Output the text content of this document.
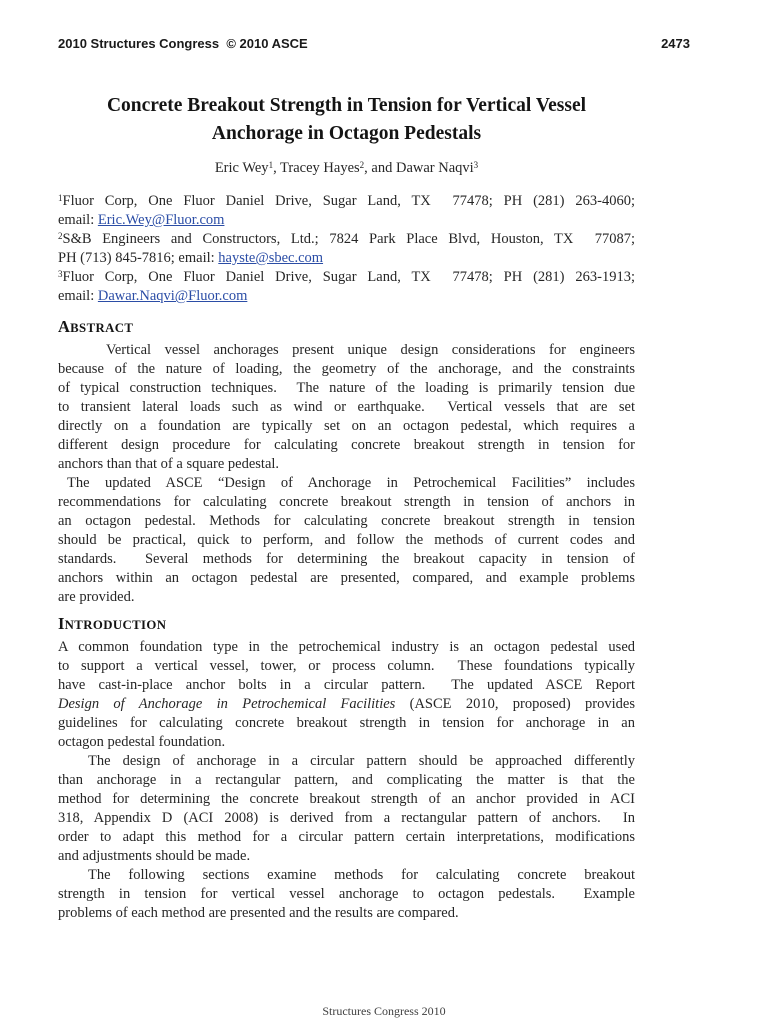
2010 Structures Congress  © 2010 ASCE	2473
Concrete Breakout Strength in Tension for Vertical Vessel
Anchorage in Octagon Pedestals
Eric Wey$^1$, Tracey Hayes$^2$, and Dawar Naqvi$^3$
$^1$Fluor Corp, One Fluor Daniel Drive, Sugar Land, TX  77478; PH (281) 263-4060;
email: Eric.Wey@Fluor.com
$^2$S&B Engineers and Constructors, Ltd.; 7824 Park Place Blvd, Houston, TX  77087;
PH (713) 845-7816; email: hayste@sbec.com
$^3$Fluor Corp, One Fluor Daniel Drive, Sugar Land, TX  77478; PH (281) 263-1913;
email: Dawar.Naqvi@Fluor.com
ABSTRACT
Vertical vessel anchorages present unique design considerations for engineers
because of the nature of loading, the geometry of the anchorage, and the constraints
of typical construction techniques.  The nature of the loading is primarily tension due
to transient lateral loads such as wind or earthquake.  Vertical vessels that are set
directly on a foundation are typically set on an octagon pedestal, which requires a
different design procedure for calculating concrete breakout strength in tension for
anchors than that of a square pedestal.
The updated ASCE “Design of Anchorage in Petrochemical Facilities” includes
recommendations for calculating concrete breakout strength in tension of anchors in
an octagon pedestal. Methods for calculating concrete breakout strength in tension
should be practical, quick to perform, and follow the methods of current codes and
standards.  Several methods for determining the breakout capacity in tension of
anchors within an octagon pedestal are presented, compared, and example problems
are provided.
INTRODUCTION
A common foundation type in the petrochemical industry is an octagon pedestal used
to support a vertical vessel, tower, or process column.  These foundations typically
have cast-in-place anchor bolts in a circular pattern.  The updated ASCE Report
Design of Anchorage in Petrochemical Facilities (ASCE 2010, proposed) provides
guidelines for calculating concrete breakout strength in tension for anchorage in an
octagon pedestal foundation.
The design of anchorage in a circular pattern should be approached differently
than anchorage in a rectangular pattern, and complicating the matter is that the
method for determining the concrete breakout strength of an anchor provided in ACI
318, Appendix D (ACI 2008) is derived from a rectangular pattern of anchors.  In
order to adapt this method for a circular pattern certain interpretations, modifications
and adjustments should be made.
The following sections examine methods for calculating concrete breakout
strength in tension for vertical vessel anchorage to octagon pedestals.  Example
problems of each method are presented and the results are compared.
Structures Congress 2010
